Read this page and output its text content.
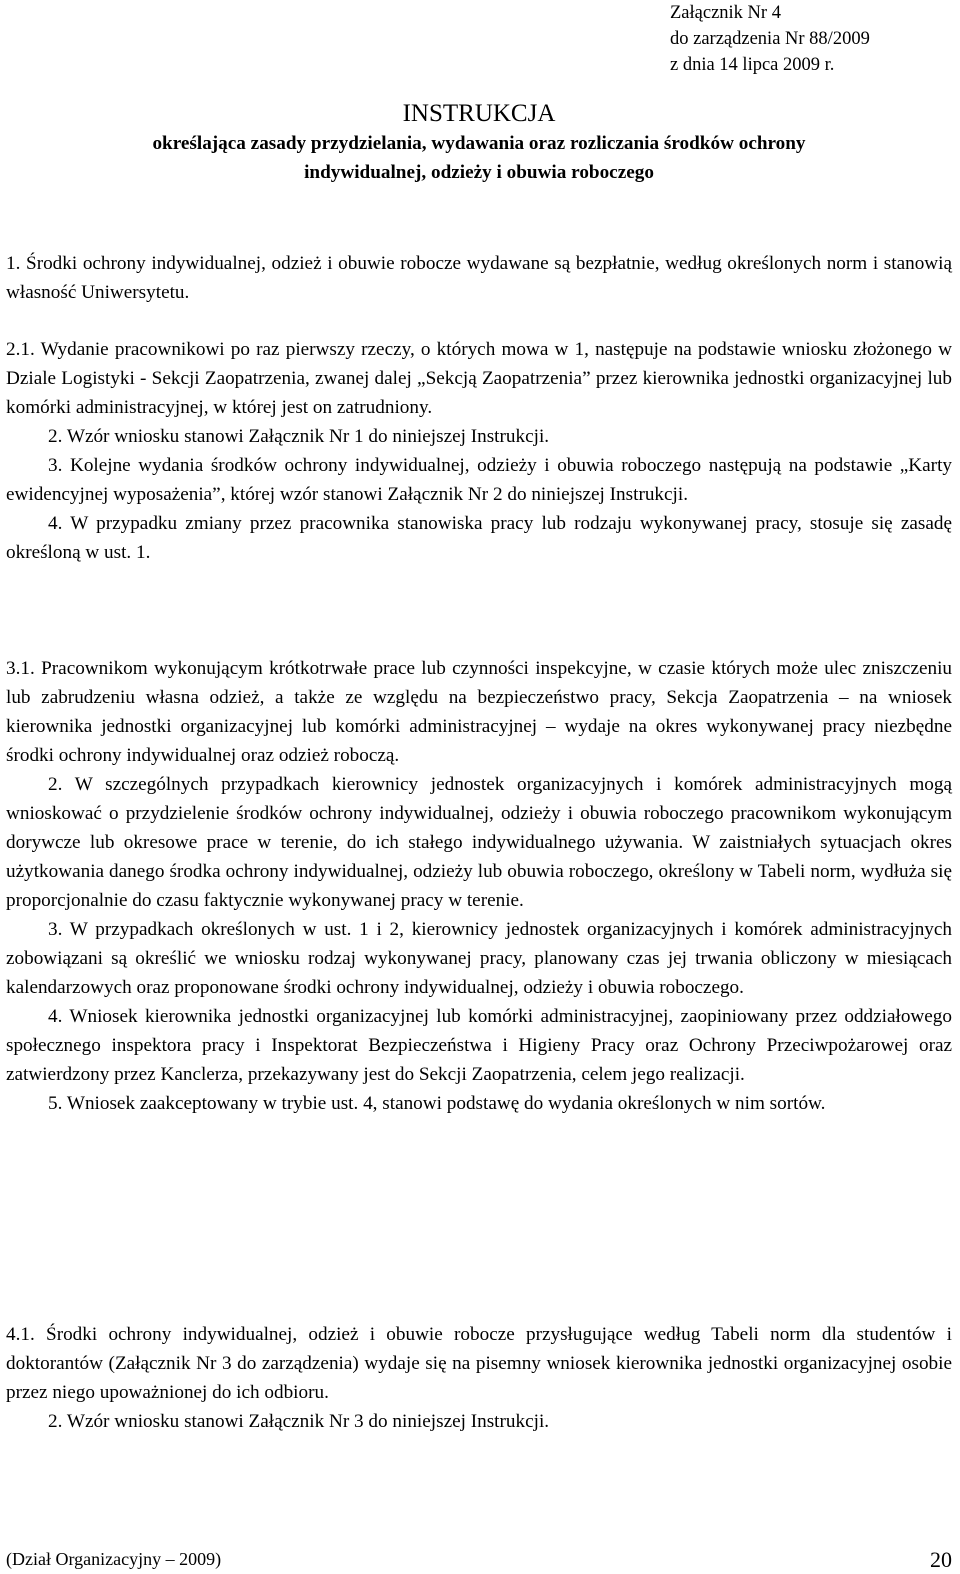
Załącznik Nr 4
do zarządzenia Nr 88/2009
z dnia 14 lipca 2009 r.
INSTRUKCJA
określająca zasady przydzielania, wydawania oraz rozliczania środków ochrony
indywidualnej, odzieży i obuwia roboczego

1. Środki ochrony indywidualnej, odzież i obuwie robocze wydawane są bezpłatnie, według określonych norm i stanowią własność Uniwersytetu.

2.1. Wydanie pracownikowi po raz pierwszy rzeczy, o których mowa w 1, następuje na podstawie wniosku złożonego w Dziale Logistyki - Sekcji Zaopatrzenia, zwanej dalej „Sekcją Zaopatrzenia” przez kierownika jednostki organizacyjnej lub komórki administracyjnej, w której jest on zatrudniony.

2. Wzór wniosku stanowi Załącznik Nr 1 do niniejszej Instrukcji.

3. Kolejne wydania środków ochrony indywidualnej, odzieży i obuwia roboczego następują na podstawie „Karty ewidencyjnej wyposażenia”, której wzór stanowi Załącznik Nr 2 do niniejszej Instrukcji.

4. W przypadku zmiany przez pracownika stanowiska pracy lub rodzaju wykonywanej pracy, stosuje się zasadę określoną w ust. 1.

3.1. Pracownikom wykonującym krótkotrwałe prace lub czynności inspekcyjne, w czasie których może ulec zniszczeniu lub zabrudzeniu własna odzież, a także ze względu na bezpieczeństwo pracy, Sekcja Zaopatrzenia – na wniosek kierownika jednostki organizacyjnej lub komórki administracyjnej – wydaje na okres wykonywanej pracy niezbędne środki ochrony indywidualnej oraz odzież roboczą.

2. W szczególnych przypadkach kierownicy jednostek organizacyjnych i komórek administracyjnych mogą wnioskować o przydzielenie środków ochrony indywidualnej, odzieży i obuwia roboczego pracownikom wykonującym dorywcze lub okresowe prace w terenie, do ich stałego indywidualnego używania. W zaistniałych sytuacjach okres użytkowania danego środka ochrony indywidualnej, odzieży lub obuwia roboczego, określony w Tabeli norm, wydłuża się proporcjonalnie do czasu faktycznie wykonywanej pracy w terenie.

3. W przypadkach określonych w ust. 1 i 2, kierownicy jednostek organizacyjnych i komórek administracyjnych zobowiązani są określić we wniosku rodzaj wykonywanej pracy, planowany czas jej trwania obliczony w miesiącach kalendarzowych oraz proponowane środki ochrony indywidualnej, odzieży i obuwia roboczego.

4. Wniosek kierownika jednostki organizacyjnej lub komórki administracyjnej, zaopiniowany przez oddziałowego społecznego inspektora pracy i Inspektorat Bezpieczeństwa i Higieny Pracy oraz Ochrony Przeciwpożarowej oraz zatwierdzony przez Kanclerza, przekazywany jest do Sekcji Zaopatrzenia, celem jego realizacji.

5. Wniosek zaakceptowany w trybie ust. 4, stanowi podstawę do wydania określonych w nim sortów.

4.1. Środki ochrony indywidualnej, odzież i obuwie robocze przysługujące według Tabeli norm dla studentów i doktorantów (Załącznik Nr 3 do zarządzenia) wydaje się na pisemny wniosek kierownika jednostki organizacyjnej osobie przez niego upoważnionej do ich odbioru.

2. Wzór wniosku stanowi Załącznik Nr 3 do niniejszej Instrukcji.

(Dział Organizacyjny – 2009)	20
